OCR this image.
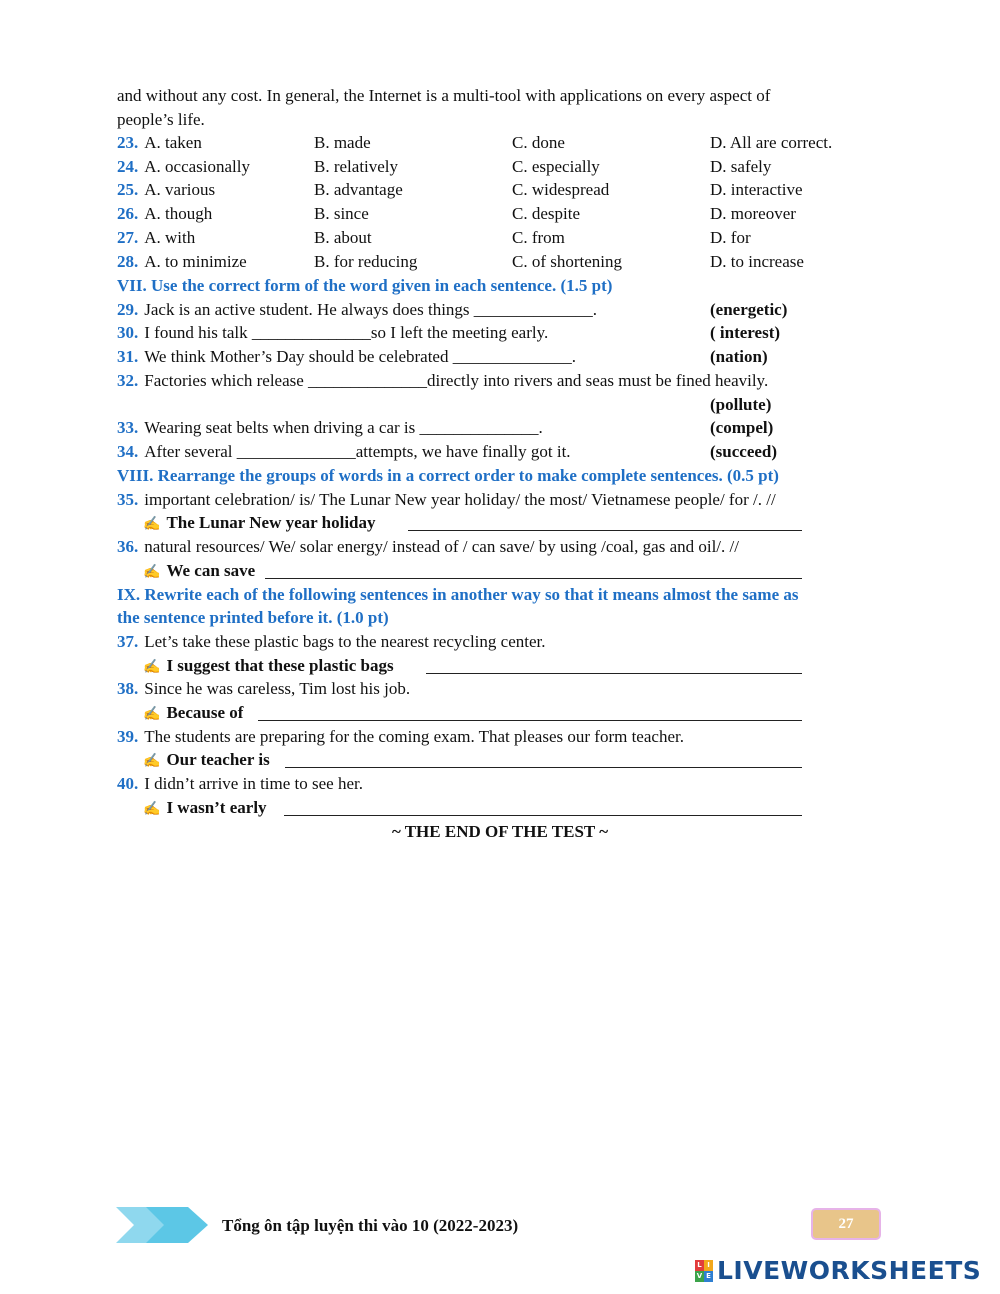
and without any cost. In general, the Internet is a multi-tool with applications on every aspect of
people’s life.
23. A. taken	B. made	C. done	D. All are correct.
24. A. occasionally	B. relatively	C. especially	D. safely
25. A. various	B. advantage	C. widespread	D. interactive
26. A. though	B. since	C. despite	D. moreover
27. A. with	B. about	C. from	D. for
28. A. to minimize	B. for reducing	C. of shortening	D. to increase
VII. Use the correct form of the word given in each sentence. (1.5 pt)
29. Jack is an active student. He always does things ______________.	(energetic)
30. I found his talk ______________so I left the meeting early.	( interest)
31. We think Mother’s Day should be celebrated ______________.	(nation)
32. Factories which release ______________directly into rivers and seas must be fined heavily.
(pollute)
33. Wearing seat belts when driving a car is ______________.	(compel)
34. After several ______________attempts, we have finally got it.	(succeed)
VIII. Rearrange the groups of words in a correct order to make complete sentences. (0.5 pt)
35. important celebration/ is/ The Lunar New year holiday/ the most/ Vietnamese people/ for /. //
✍ The Lunar New year holiday
36. natural resources/ We/ solar energy/ instead of / can save/ by using /coal, gas and oil/. //
✍ We can save
IX. Rewrite each of the following sentences in another way so that it means almost the same as
the sentence printed before it. (1.0 pt)
37. Let’s take these plastic bags to the nearest recycling center.
✍ I suggest that these plastic bags
38. Since he was careless, Tim lost his job.
✍ Because of
39. The students are preparing for the coming exam. That pleases our form teacher.
✍ Our teacher is
40. I didn’t arrive in time to see her.
✍ I wasn’t early
~ THE END OF THE TEST ~
Tổng ôn tập luyện thi vào 10 (2022-2023)	27
L I
V E LIVEWORKSHEETS
